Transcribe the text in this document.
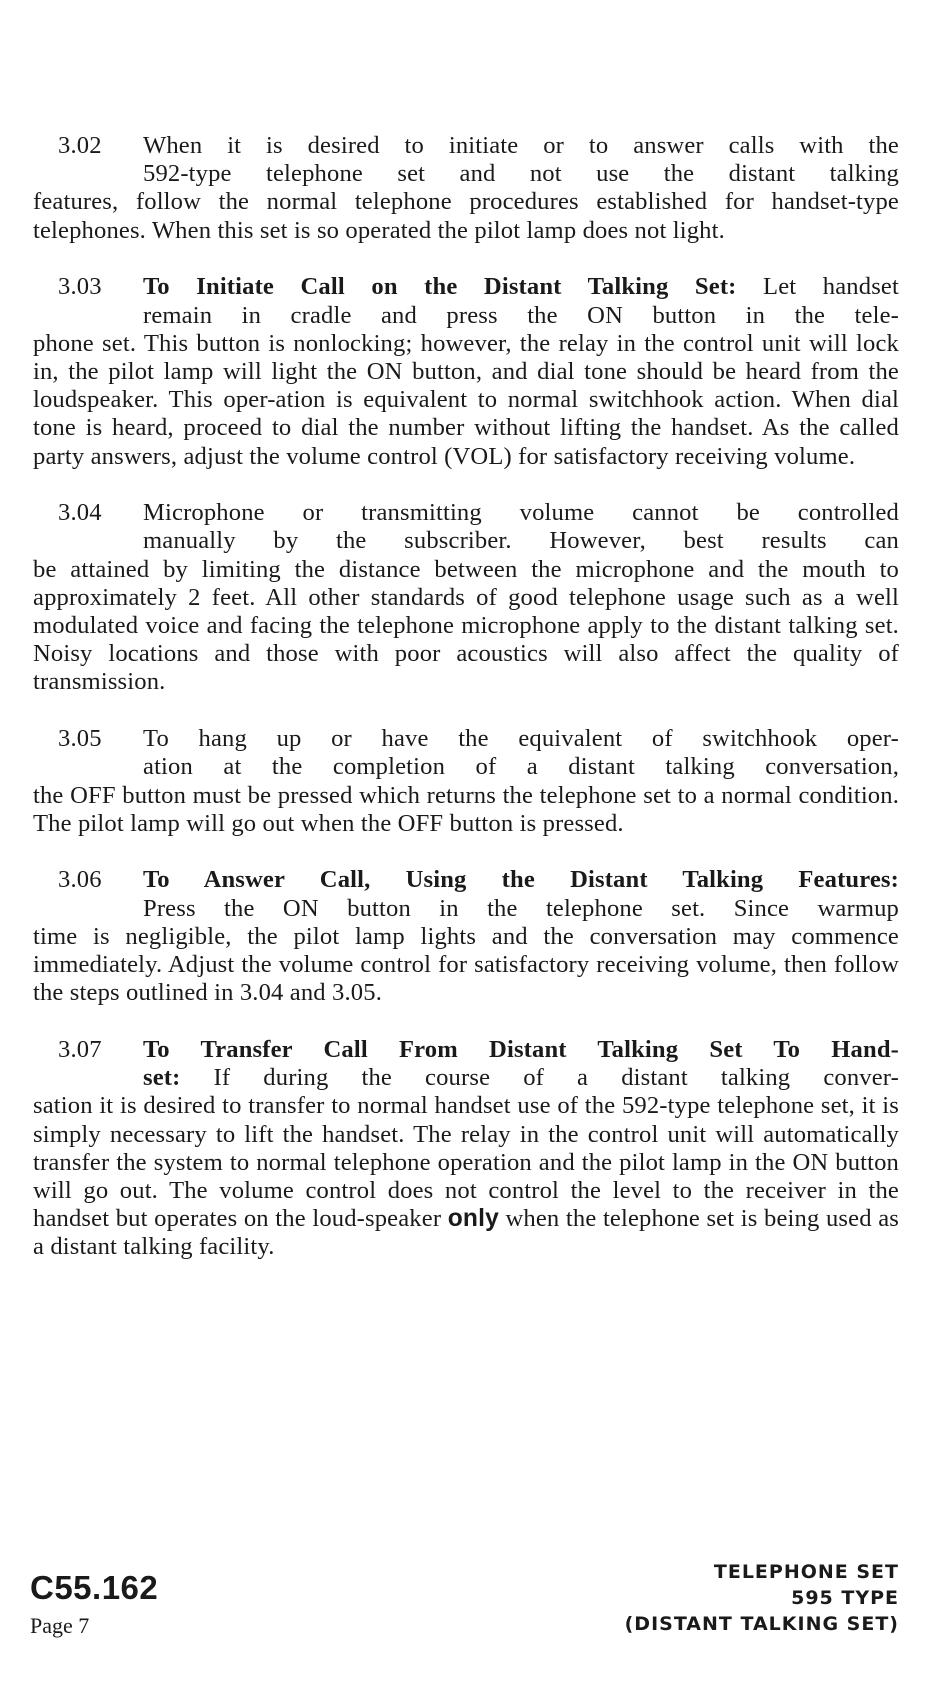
3.02 When it is desired to initiate or to answer calls with the
592-type telephone set and not use the distant talking
features, follow the normal telephone procedures established for handset-type telephones. When this set is so operated the pilot lamp does not light.
3.03 To Initiate Call on the Distant Talking Set: Let handset
remain in cradle and press the ON button in the tele-
phone set. This button is nonlocking; however, the relay in the control unit will lock in, the pilot lamp will light the ON button, and dial tone should be heard from the loudspeaker. This oper-ation is equivalent to normal switchhook action. When dial tone is heard, proceed to dial the number without lifting the handset. As the called party answers, adjust the volume control (VOL) for satisfactory receiving volume.
3.04 Microphone or transmitting volume cannot be controlled
manually by the subscriber. However, best results can
be attained by limiting the distance between the microphone and the mouth to approximately 2 feet. All other standards of good telephone usage such as a well modulated voice and facing the telephone microphone apply to the distant talking set. Noisy locations and those with poor acoustics will also affect the quality of transmission.
3.05 To hang up or have the equivalent of switchhook oper-
ation at the completion of a distant talking conversation,
the OFF button must be pressed which returns the telephone set to a normal condition. The pilot lamp will go out when the OFF button is pressed.
3.06 To Answer Call, Using the Distant Talking Features:
Press the ON button in the telephone set. Since warmup
time is negligible, the pilot lamp lights and the conversation may commence immediately. Adjust the volume control for satisfactory receiving volume, then follow the steps outlined in 3.04 and 3.05.
3.07 To Transfer Call From Distant Talking Set To Hand-
set: If during the course of a distant talking conver-
sation it is desired to transfer to normal handset use of the 592-type telephone set, it is simply necessary to lift the handset. The relay in the control unit will automatically transfer the system to normal telephone operation and the pilot lamp in the ON button will go out. The volume control does not control the level to the receiver in the handset but operates on the loud-speaker only when the telephone set is being used as a distant talking facility.
C55.162
Page 7
TELEPHONE SET
595 TYPE
(DISTANT TALKING SET)
